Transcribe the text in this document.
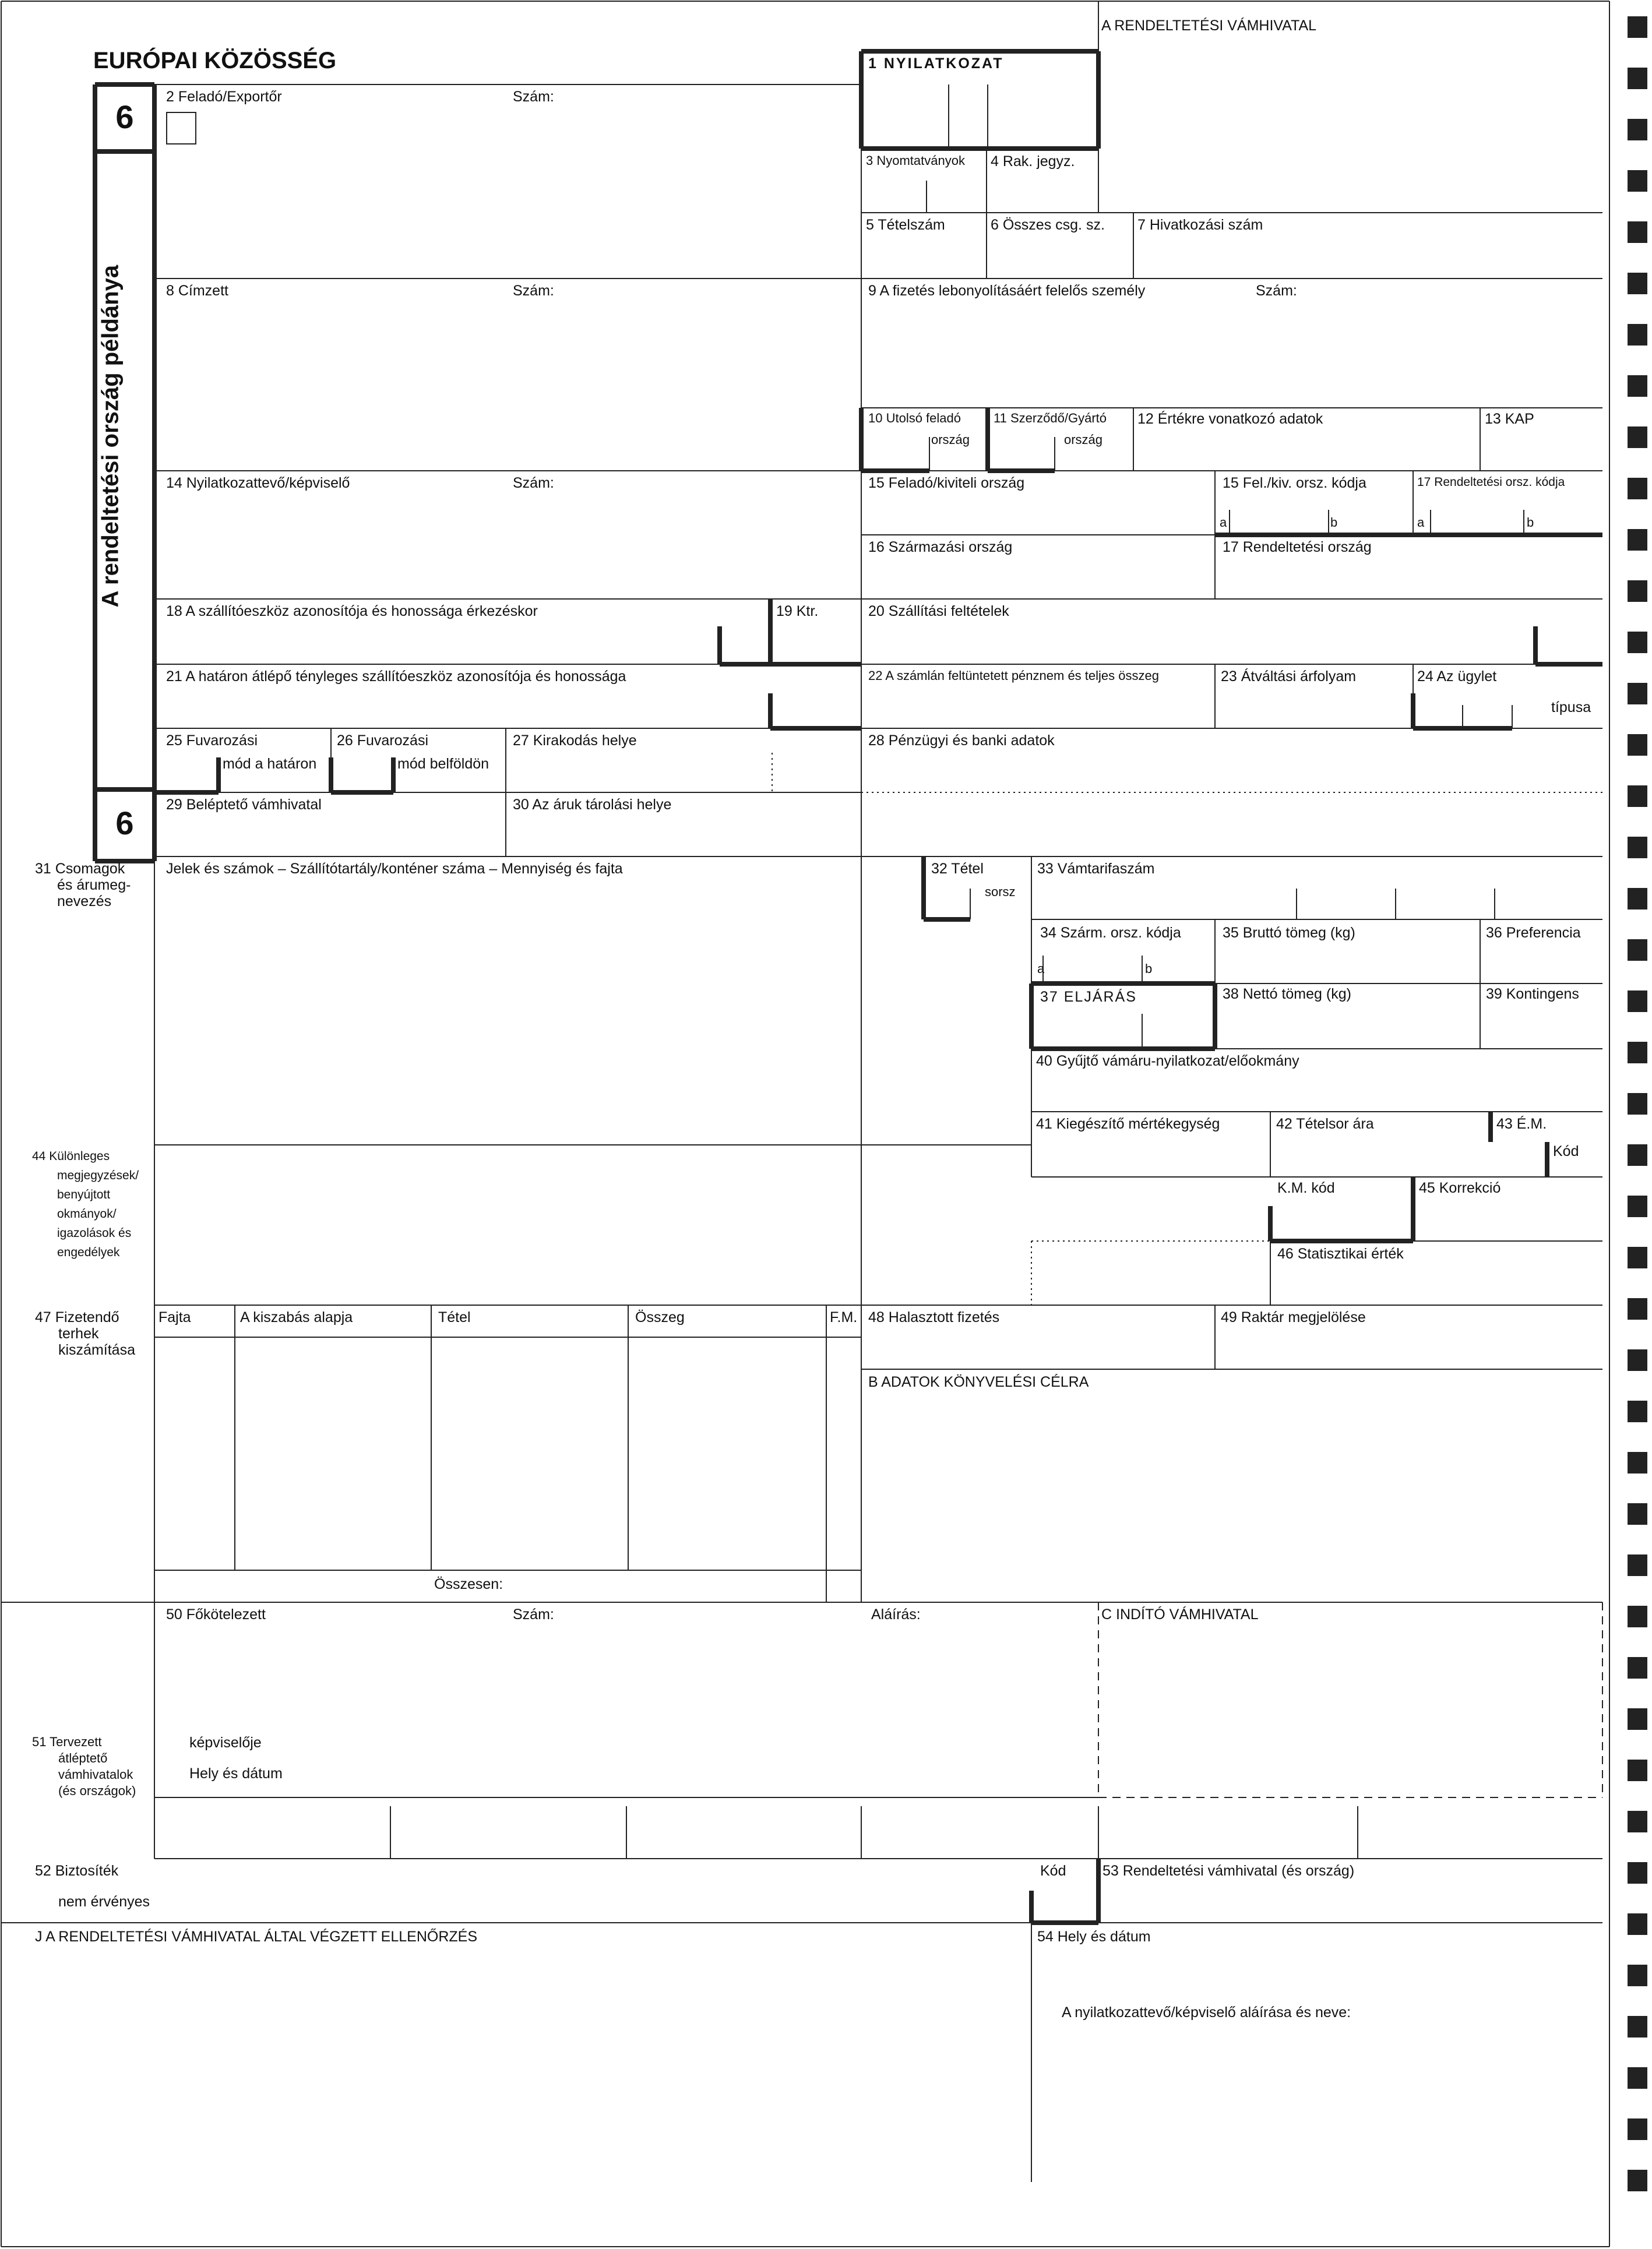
EURÓPAI KÖZÖSSÉG
A RENDELTETÉSI VÁMHIVATAL
6
6
A rendeltetési ország példánya
1 NYILATKOZAT
2 Feladó/Exportőr	Szám:
3 Nyomtatványok 4 Rak. jegyz.
5 Tételszám	6 Összes csg. sz. 7 Hivatkozási szám
8 Címzett	Szám:	9 A fizetés lebonyolításáért felelős személy	Szám:
10 Utolsó feladó
ország
11 Szerződő/Gyártó
ország
12 Értékre vonatkozó adatok	13 KAP
14 Nyilatkozattevő/képviselő	Szám:	15 Feladó/kiviteli ország	15 Fel./kiv. orsz. kódja	17 Rendeltetési orsz. kódja
a	b	a	b
16 Származási ország	17 Rendeltetési ország
18 A szállítóeszköz azonosítója és honossága érkezéskor	19 Ktr.	20 Szállítási feltételek
21 A határon átlépő tényleges szállítóeszköz azonosítója és honossága	22 A számlán feltüntetett pénznem és teljes összeg	23 Átváltási árfolyam	24 Az ügylet
típusa
25 Fuvarozási
mód a határon
26 Fuvarozási
mód belföldön
27 Kirakodás helye	28 Pénzügyi és banki adatok
29 Beléptető vámhivatal	30 Az áruk tárolási helye
31 Csomagok
és árumeg-
nevezés
Jelek és számok – Szállítótartály/konténer száma – Mennyiség és fajta	32 Tétel
sorsz
33 Vámtarifaszám
34 Szárm. orsz. kódja
a	b
35 Bruttó tömeg (kg)	36 Preferencia
37 ELJÁRÁS	38 Nettó tömeg (kg)	39 Kontingens
40 Gyűjtő vámáru-nyilatkozat/előokmány
41 Kiegészítő mértékegység	42 Tételsor ára	43 É.M.
Kód
44 Különleges
megjegyzések/
benyújtott
okmányok/
igazolások és
engedélyek
K.M. kód	45 Korrekció
46 Statisztikai érték
47 Fizetendő
terhek
kiszámítása
Fajta	A kiszabás alapja	Tétel	Összeg	F.M.
Összesen:
48 Halasztott fizetés	49 Raktár megjelölése
B ADATOK KÖNYVELÉSI CÉLRA
50 Főkötelezett	Szám:	Aláírás:	C INDÍTÓ VÁMHIVATAL
51 Tervezett
átléptető
vámhivatalok
(és országok)
képviselője
Hely és dátum
52 Biztosíték
nem érvényes
Kód	53 Rendeltetési vámhivatal (és ország)
J A RENDELTETÉSI VÁMHIVATAL ÁLTAL VÉGZETT ELLENŐRZÉS	54 Hely és dátum
A nyilatkozattevő/képviselő aláírása és neve:
